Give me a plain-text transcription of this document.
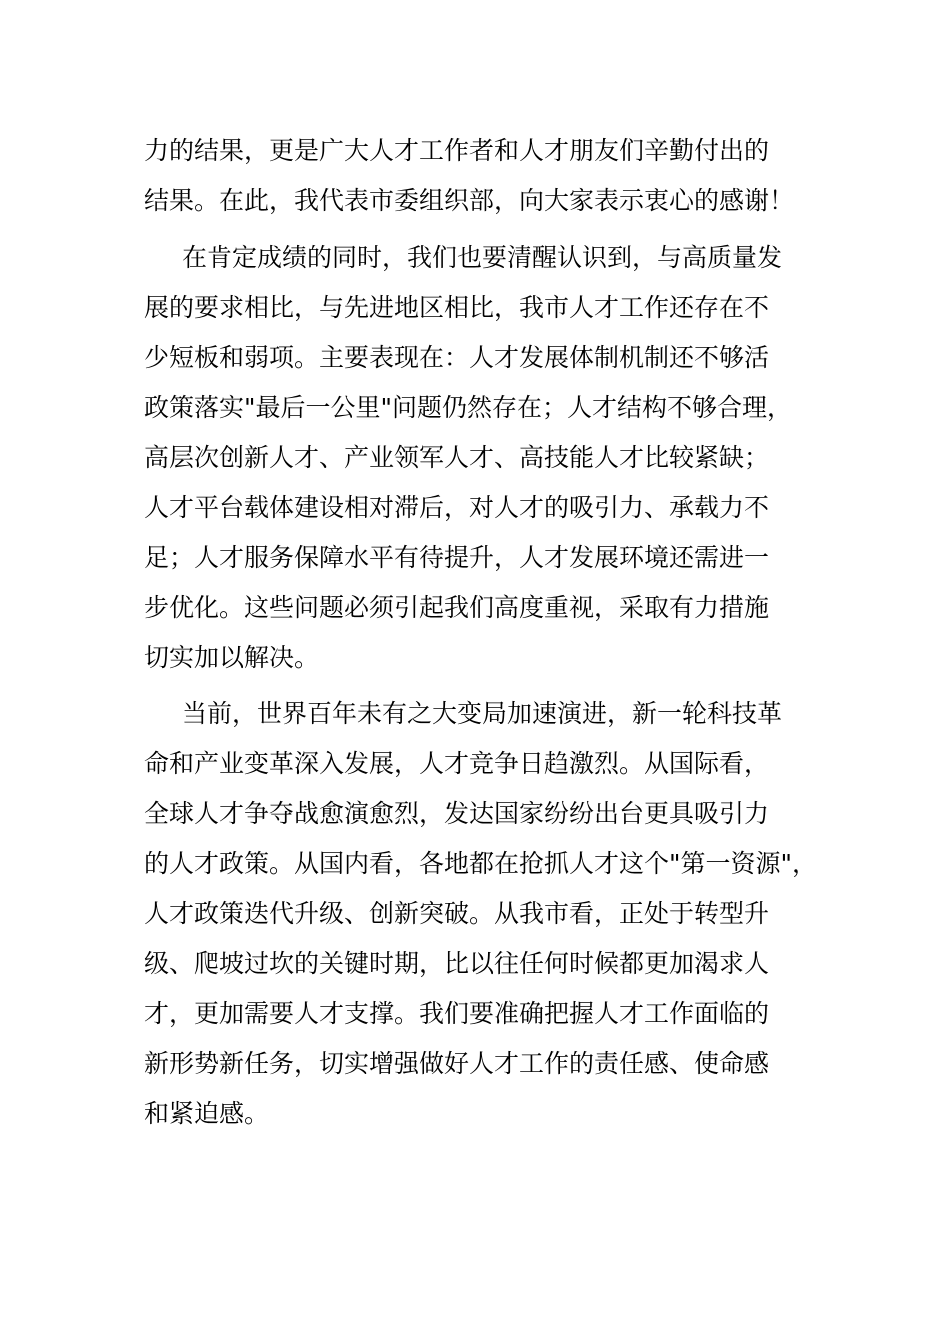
力的结果，更是广大人才工作者和人才朋友们辛勤付出的
结果。在此，我代表市委组织部，向大家表示衷心的感谢！
在肯定成绩的同时，我们也要清醒认识到，与高质量发
展的要求相比，与先进地区相比，我市人才工作还存在不
少短板和弱项。主要表现在：人才发展体制机制还不够活
政策落实"最后一公里"问题仍然存在；人才结构不够合理，
高层次创新人才、产业领军人才、高技能人才比较紧缺；
人才平台载体建设相对滞后，对人才的吸引力、承载力不
足；人才服务保障水平有待提升，人才发展环境还需进一
步优化。这些问题必须引起我们高度重视，采取有力措施
切实加以解决。
当前，世界百年未有之大变局加速演进，新一轮科技革
命和产业变革深入发展，人才竞争日趋激烈。从国际看，
全球人才争夺战愈演愈烈，发达国家纷纷出台更具吸引力
的人才政策。从国内看，各地都在抢抓人才这个"第一资源"，
人才政策迭代升级、创新突破。从我市看，正处于转型升
级、爬坡过坎的关键时期，比以往任何时候都更加渴求人
才，更加需要人才支撑。我们要准确把握人才工作面临的
新形势新任务，切实增强做好人才工作的责任感、使命感
和紧迫感。
